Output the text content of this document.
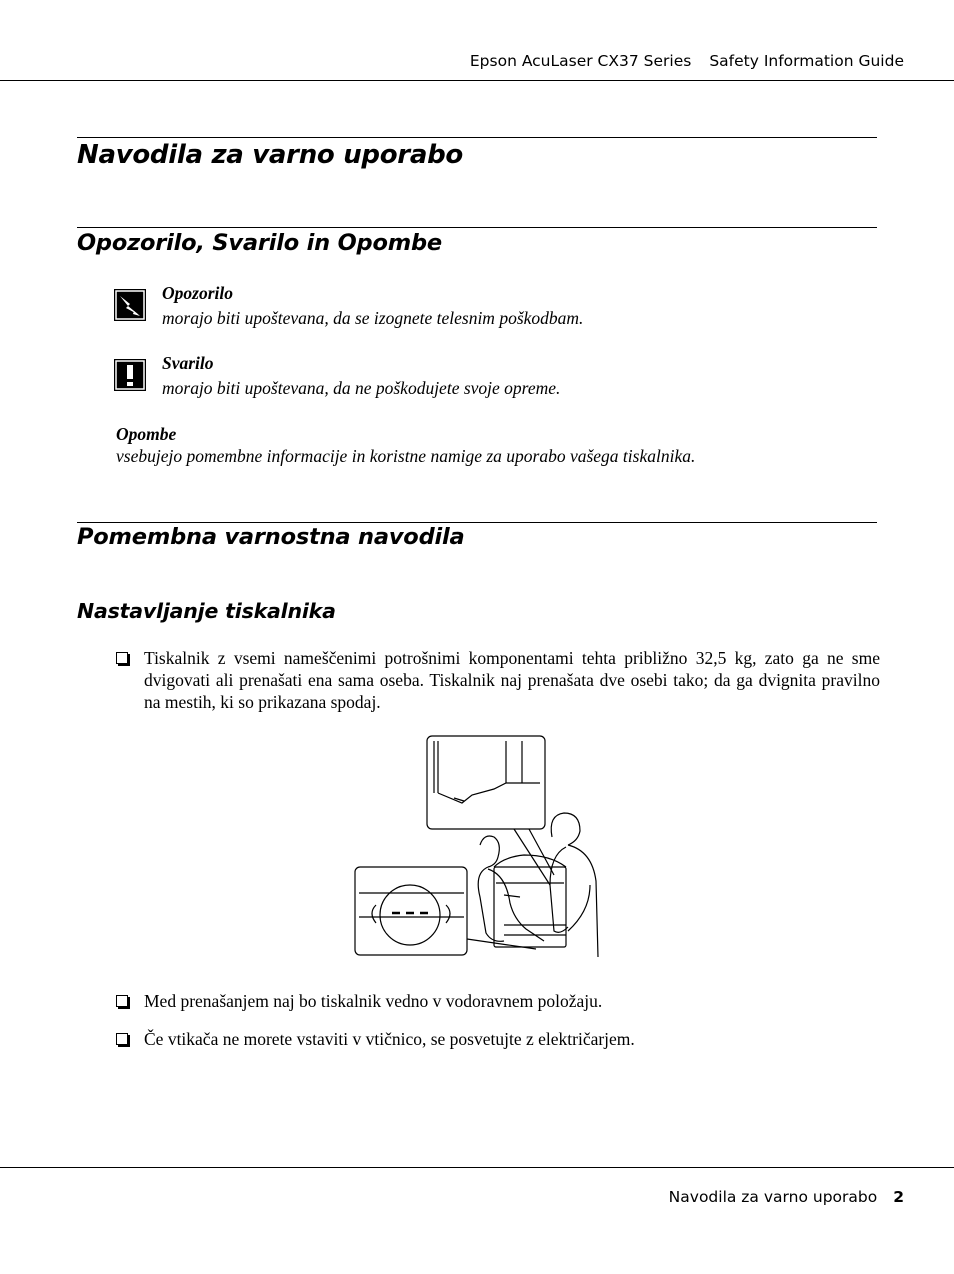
Epson AcuLaser CX37 Series Safety Information Guide
Navodila za varno uporabo
Opozorilo, Svarilo in Opombe
Opozorilo
morajo biti upoštevana, da se izognete telesnim poškodbam.
Svarilo
morajo biti upoštevana, da ne poškodujete svoje opreme.
Opombe
vsebujejo pomembne informacije in koristne namige za uporabo vašega tiskalnika.
Pomembna varnostna navodila
Nastavljanje tiskalnika
Tiskalnik z vsemi nameščenimi potrošnimi komponentami tehta približno 32,5 kg, zato ga ne sme dvigovati ali prenašati ena sama oseba. Tiskalnik naj prenašata dve osebi tako; da ga dvignita pravilno na mestih, ki so prikazana spodaj.
Med prenašanjem naj bo tiskalnik vedno v vodoravnem položaju.
Če vtikača ne morete vstaviti v vtičnico, se posvetujte z električarjem.
Navodila za varno uporabo 2
